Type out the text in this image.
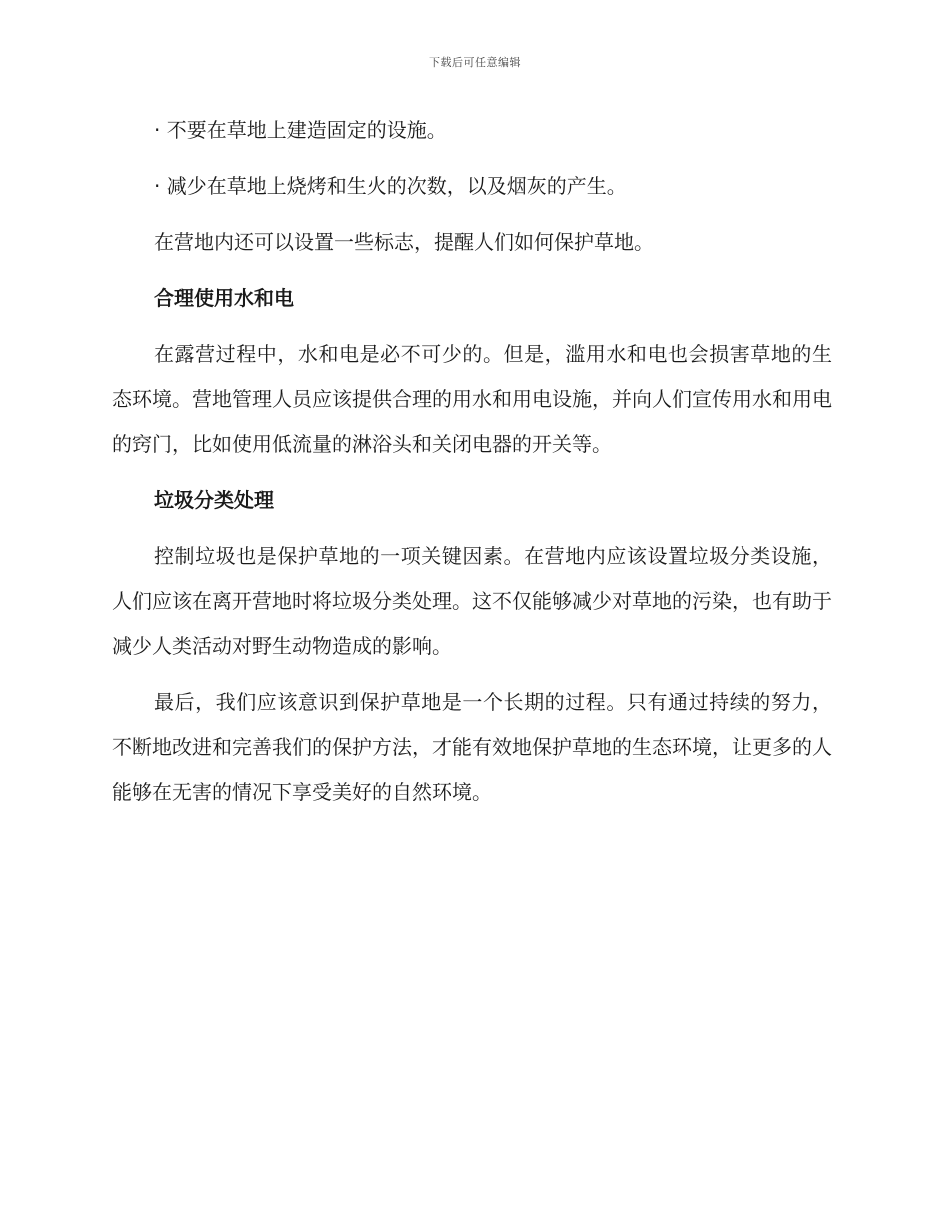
下载后可任意编辑

· 不要在草地上建造固定的设施。

· 减少在草地上烧烤和生火的次数，以及烟灰的产生。

在营地内还可以设置一些标志，提醒人们如何保护草地。

合理使用水和电

在露营过程中，水和电是必不可少的。但是，滥用水和电也会损害草地的生态环境。营地管理人员应该提供合理的用水和用电设施，并向人们宣传用水和用电的窍门，比如使用低流量的淋浴头和关闭电器的开关等。

垃圾分类处理

控制垃圾也是保护草地的一项关键因素。在营地内应该设置垃圾分类设施，人们应该在离开营地时将垃圾分类处理。这不仅能够减少对草地的污染，也有助于减少人类活动对野生动物造成的影响。

最后，我们应该意识到保护草地是一个长期的过程。只有通过持续的努力，不断地改进和完善我们的保护方法，才能有效地保护草地的生态环境，让更多的人能够在无害的情况下享受美好的自然环境。
